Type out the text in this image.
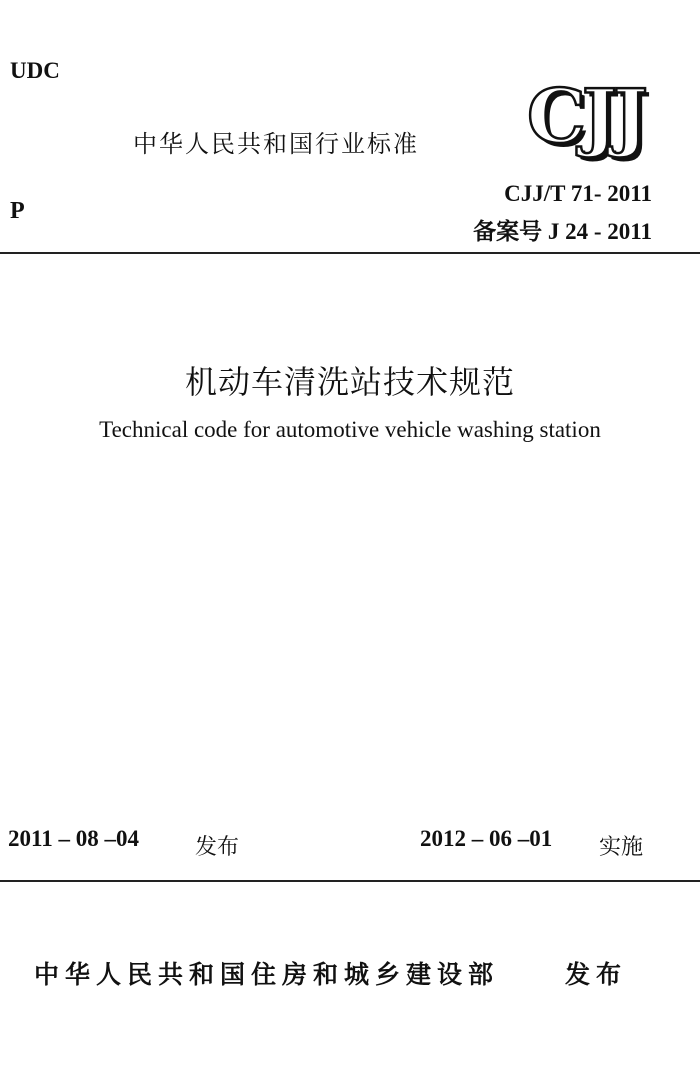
UDC
中华人民共和国行业标准 CJJ
P
CJJ/T 71- 2011
备案号 J 24 - 2011
机动车清洗站技术规范
Technical code for automotive vehicle washing station
2011 – 08 –04	发布	2012 – 06 –01 实施
中华人民共和国住房和城乡建设部	发布
